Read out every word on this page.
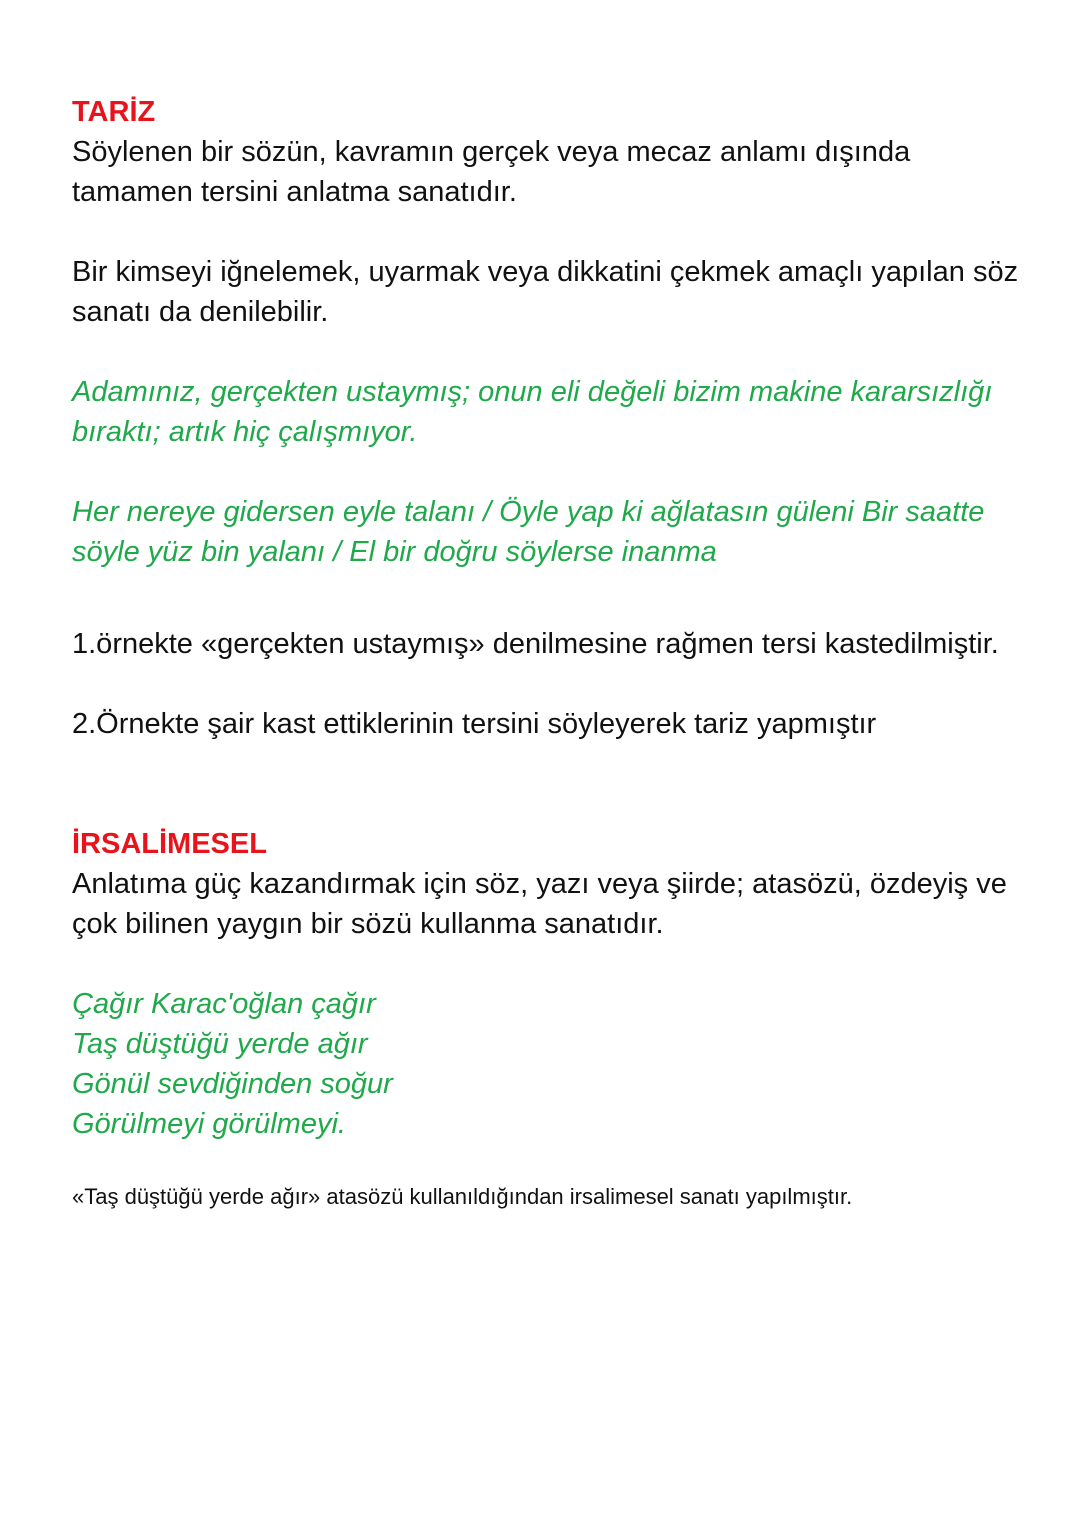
TARİZ

Söylenen bir sözün, kavramın gerçek veya mecaz anlamı dışında tamamen tersini anlatma sanatıdır.

Bir kimseyi iğnelemek, uyarmak veya dikkatini çekmek amaçlı yapılan söz sanatı da denilebilir.

Adamınız, gerçekten ustaymış; onun eli değeli bizim makine kararsızlığı bıraktı; artık hiç çalışmıyor.

Her nereye gidersen eyle talanı / Öyle yap ki ağlatasın güleni Bir saatte söyle yüz bin yalanı / El bir doğru söylerse inanma

1.örnekte «gerçekten ustaymış» denilmesine rağmen tersi kastedilmiştir.

2.Örnekte şair kast ettiklerinin tersini söyleyerek tariz yapmıştır

İRSALİMESEL

Anlatıma güç kazandırmak için söz, yazı veya şiirde; atasözü, özdeyiş ve çok bilinen yaygın bir sözü kullanma sanatıdır.

Çağır Karac'oğlan çağır
Taş düştüğü yerde ağır
Gönül sevdiğinden soğur
Görülmeyi görülmeyi.

«Taş düştüğü yerde ağır» atasözü kullanıldığından irsalimesel sanatı yapılmıştır.
